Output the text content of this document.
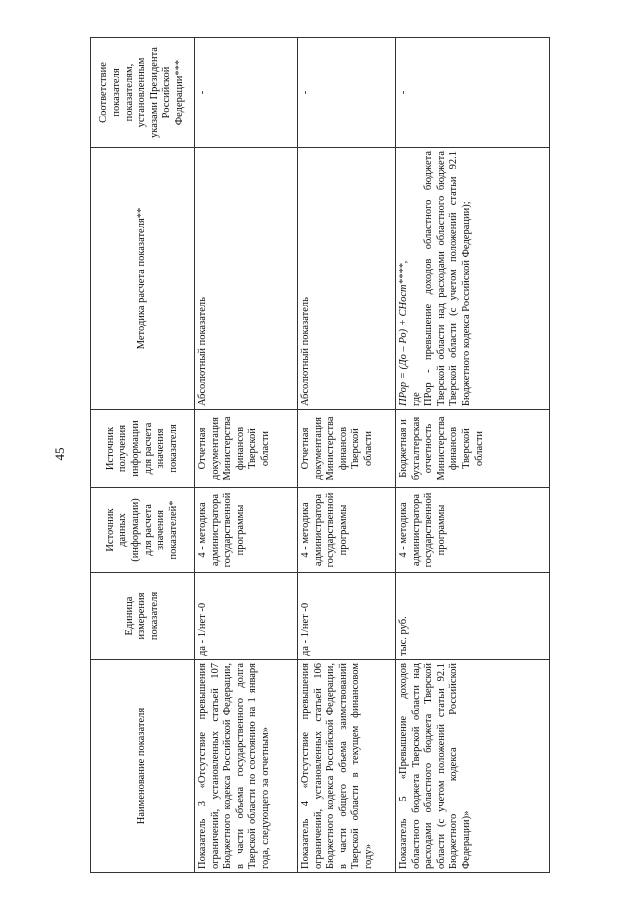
45
Наименование показателя	Единица измерения показателя	Источник данных (информации) для расчета значения показателей*	Источник получения информации для расчета значения показателя	Методика расчета показателя**	Соответствие показателя показателям, установленным указами Президента Российской Федерации***
Показатель 3 «Отсутствие превышения ограничений, установленных статьей 107 Бюджетного кодекса Российской Федерации, в части объема государственного долга Тверской области по состоянию на 1 января года, следующего за отчетным»	да - 1/нет -0	4 - методика администратора государственной программы	Отчетная документация Министерства финансов Тверской области	Абсолютный показатель	-
Показатель 4 «Отсутствие превышения ограничений, установленных статьей 106 Бюджетного кодекса Российской Федерации, в части общего объема заимствований Тверской области в текущем финансовом году»	да - 1/нет -0	4 - методика администратора государственной программы	Отчетная документация Министерства финансов Тверской области	Абсолютный показатель	-
Показатель 5 «Превышение доходов областного бюджета Тверской области над расходами областного бюджета Тверской области (с учетом положений статьи 92.1 Бюджетного кодекса Российской Федерации)»	тыс. руб.	4 - методика администратора государственной программы	Бюджетная и бухгалтерская отчетность Министерства финансов Тверской области	ПРор = (До – Ро) + СНост****, где ПРор - превышение доходов областного бюджета Тверской области над расходами областного бюджета Тверской области (с учетом положений статьи 92.1 Бюджетного кодекса Российской Федерации);	-
